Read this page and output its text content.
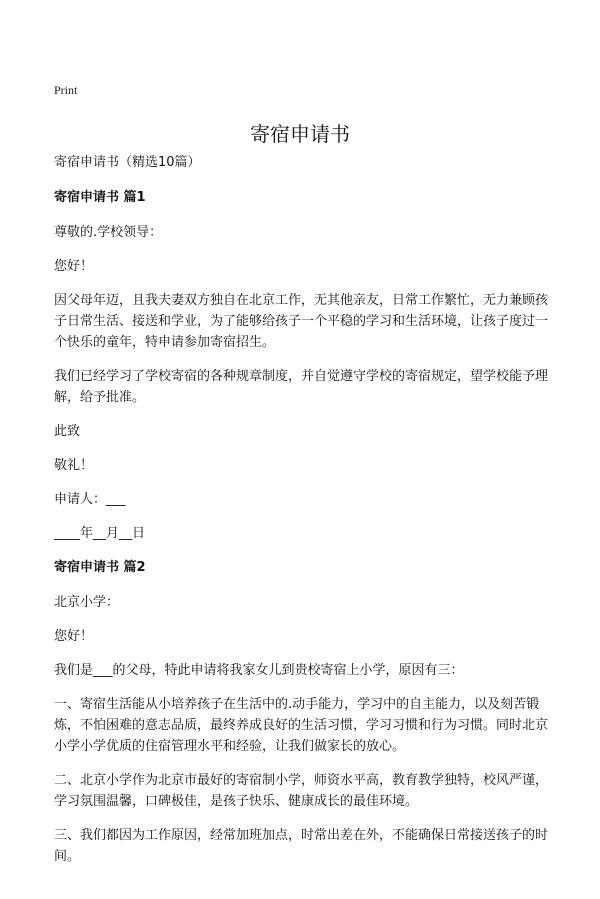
Print
寄宿申请书

寄宿申请书（精选10篇）

寄宿申请书 篇1

尊敬的.学校领导：

您好！

因父母年迈，且我夫妻双方独自在北京工作，无其他亲友，日常工作繁忙，无力兼顾孩子日常生活、接送和学业，为了能够给孩子一个平稳的学习和生活环境，让孩子度过一个快乐的童年，特申请参加寄宿招生。

我们已经学习了学校寄宿的各种规章制度，并自觉遵守学校的寄宿规定，望学校能予理解，给予批准。

此致

敬礼！

申请人：___

____年__月__日

寄宿申请书 篇2

北京小学：

您好！

我们是___的父母，特此申请将我家女儿到贵校寄宿上小学，原因有三：

一、寄宿生活能从小培养孩子在生活中的.动手能力，学习中的自主能力，以及刻苦锻炼，不怕困难的意志品质，最终养成良好的生活习惯，学习习惯和行为习惯。同时北京小学小学优质的住宿管理水平和经验，让我们做家长的放心。

二、北京小学作为北京市最好的寄宿制小学，师资水平高，教育教学独特，校风严谨，学习氛围温馨，口碑极佳，是孩子快乐、健康成长的最佳环境。

三、我们都因为工作原因，经常加班加点，时常出差在外，不能确保日常接送孩子的时间。
